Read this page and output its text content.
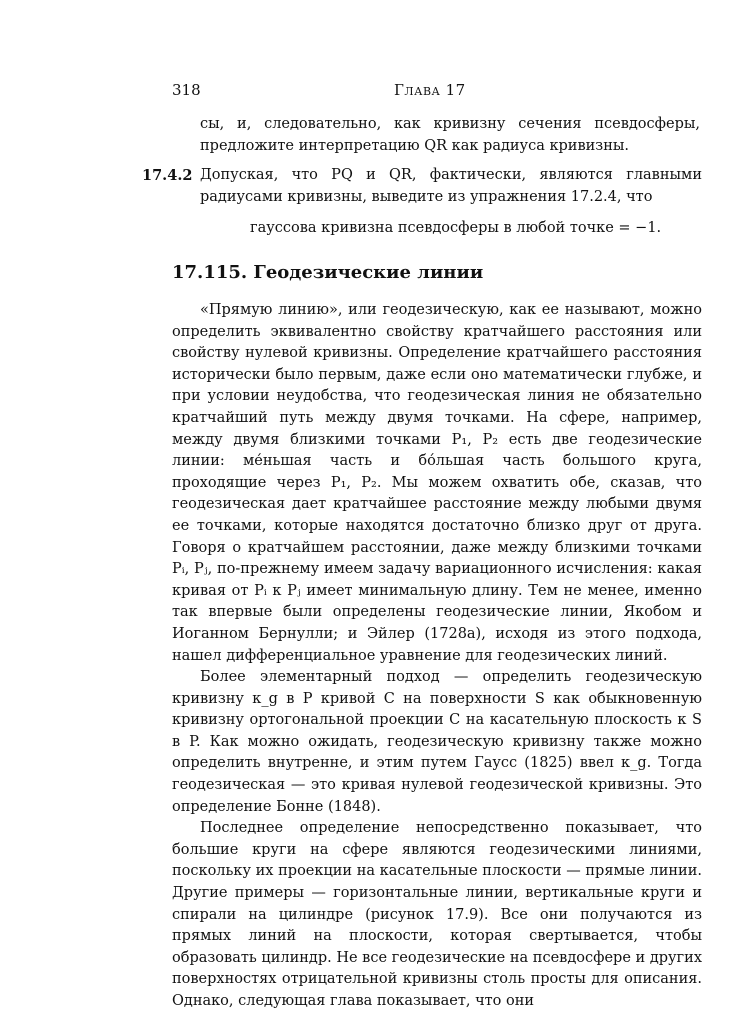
318	Глава 17

сы, и, следовательно, как кривизну сечения псевдосферы, предложите интерпретацию QR как радиуса кривизны.

17.4.2 Допуская, что PQ и QR, фактически, являются главными радиусами кривизны, выведите из упражнения 17.2.4, что

гауссова кривизна псевдосферы в любой точке = −1.
17.115. Геодезические линии

«Прямую линию», или геодезическую, как ее называют, можно определить эквивалентно свойству кратчайшего расстояния или свойству нулевой кривизны. Определение кратчайшего расстояния исторически было первым, даже если оно математически глубже, и при условии неудобства, что геодезическая линия не обязательно кратчайший путь между двумя точками. На сфере, например, между двумя близкими точками P₁, P₂ есть две геодезические линии: ме́ньшая часть и бо́льшая часть большого круга, проходящие через P₁, P₂. Мы можем охватить обе, сказав, что геодезическая дает кратчайшее расстояние между любыми двумя ее точками, которые находятся достаточно близко друг от друга. Говоря о кратчайшем расстоянии, даже между близкими точками Pᵢ, Pⱼ, по-прежнему имеем задачу вариационного исчисления: какая кривая от Pᵢ к Pⱼ имеет минимальную длину. Тем не менее, именно так впервые были определены геодезические линии, Якобом и Иоганном Бернулли; и Эйлер (1728a), исходя из этого подхода, нашел дифференциальное уравнение для геодезических линий.

Более элементарный подход — определить геодезическую кривизну κ_g в P кривой C на поверхности S как обыкновенную кривизну ортогональной проекции C на касательную плоскость к S в P. Как можно ожидать, геодезическую кривизну также можно определить внутренне, и этим путем Гаусс (1825) ввел κ_g. Тогда геодезическая — это кривая нулевой геодезической кривизны. Это определение Бонне (1848).

Последнее определение непосредственно показывает, что большие круги на сфере являются геодезическими линиями, поскольку их проекции на касательные плоскости — прямые линии. Другие примеры — горизонтальные линии, вертикальные круги и спирали на цилиндре (рисунок 17.9). Все они получаются из прямых линий на плоскости, которая свертывается, чтобы образовать цилиндр. Не все геодезические на псевдосфере и других поверхностях отрицательной кривизны столь просты для описания. Однако, следующая глава показывает, что они
